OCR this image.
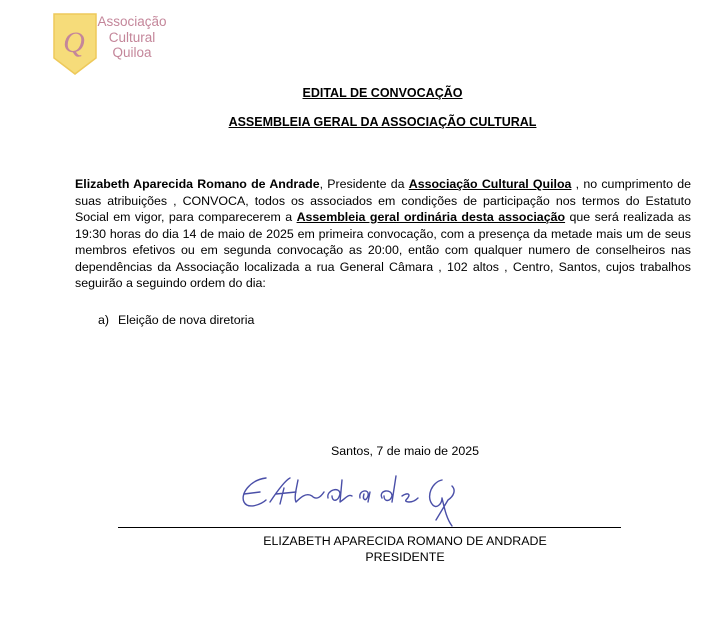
Q
Associação
Cultural
Quiloa
EDITAL DE CONVOCAÇÃO
ASSEMBLEIA GERAL DA ASSOCIAÇÃO CULTURAL
Elizabeth Aparecida Romano de Andrade, Presidente da Associação Cultural Quiloa , no cumprimento de suas atribuições , CONVOCA, todos os associados em condições de participação nos termos do Estatuto Social em vigor, para comparecerem a Assembleia geral ordinária desta associação que será realizada as 19:30 horas do dia 14 de maio de 2025 em primeira convocação, com a presença da metade mais um de seus membros efetivos ou em segunda convocação as 20:00, então com qualquer numero de conselheiros nas dependências da Associação localizada a rua General Câmara , 102 altos , Centro, Santos, cujos trabalhos seguirão a seguindo ordem do dia:
a) Eleição de nova diretoria
Santos, 7 de maio de 2025
ELIZABETH APARECIDA ROMANO DE ANDRADE
PRESIDENTE
